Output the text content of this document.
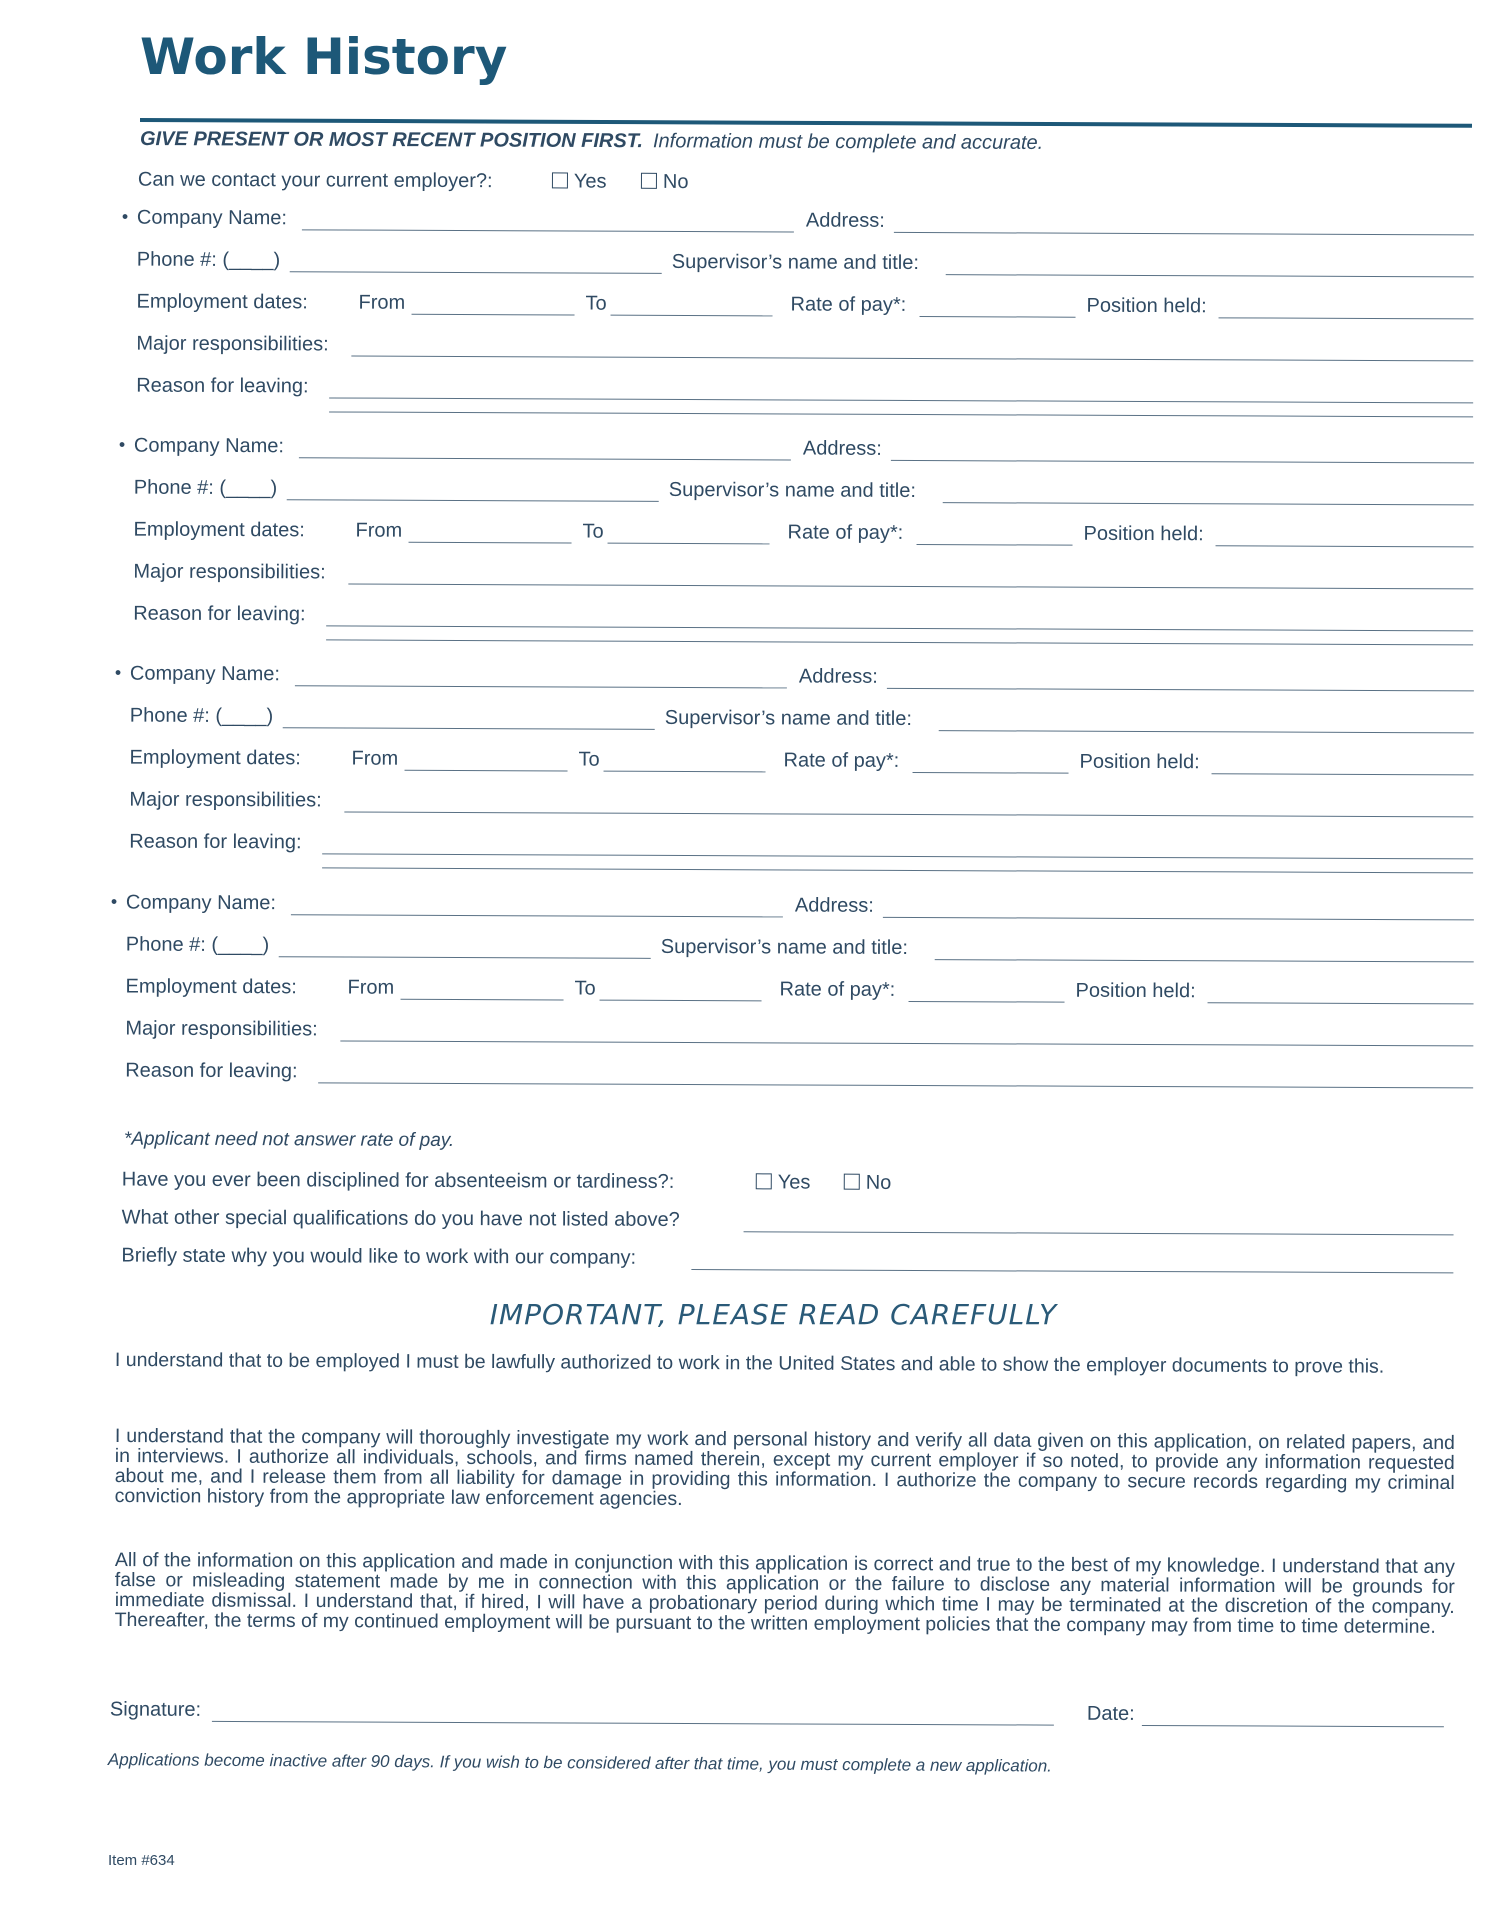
Work History
GIVE PRESENT OR MOST RECENT POSITION FIRST. Information must be complete and accurate.
Can we contact your current employer?:	Yes	No
• Company Name:	Address:
Phone #: (____)	Supervisor’s name and title:
Employment dates:	From	To	Rate of pay*:	Position held:
Major responsibilities:
Reason for leaving:
• Company Name:	Address:
Phone #: (____)	Supervisor’s name and title:
Employment dates:	From	To	Rate of pay*:	Position held:
Major responsibilities:
Reason for leaving:
• Company Name:	Address:
Phone #: (____)	Supervisor’s name and title:
Employment dates:	From	To	Rate of pay*:	Position held:
Major responsibilities:
Reason for leaving:
• Company Name:	Address:
Phone #: (____)	Supervisor’s name and title:
Employment dates:	From	To	Rate of pay*:	Position held:
Major responsibilities:
Reason for leaving:
*Applicant need not answer rate of pay.
Have you ever been disciplined for absenteeism or tardiness?:	Yes	No
What other special qualifications do you have not listed above?
Briefly state why you would like to work with our company:
IMPORTANT, PLEASE READ CAREFULLY
I understand that to be employed I must be lawfully authorized to work in the United States and able to show the employer documents to prove this.
I understand that the company will thoroughly investigate my work and personal history and verify all data given on this application, on related papers, and in interviews. I authorize all individuals, schools, and firms named therein, except my current employer if so noted, to provide any information requested about me, and I release them from all liability for damage in providing this information. I authorize the company to secure records regarding my criminal conviction history from the appropriate law enforcement agencies.
All of the information on this application and made in conjunction with this application is correct and true to the best of my knowledge. I understand that any false or misleading statement made by me in connection with this application or the failure to disclose any material information will be grounds for immediate dismissal. I understand that, if hired, I will have a probationary period during which time I may be terminated at the discretion of the company. Thereafter, the terms of my continued employment will be pursuant to the written employment policies that the company may from time to time determine.
Signature:	Date:
Applications become inactive after 90 days. If you wish to be considered after that time, you must complete a new application.
Item #634
